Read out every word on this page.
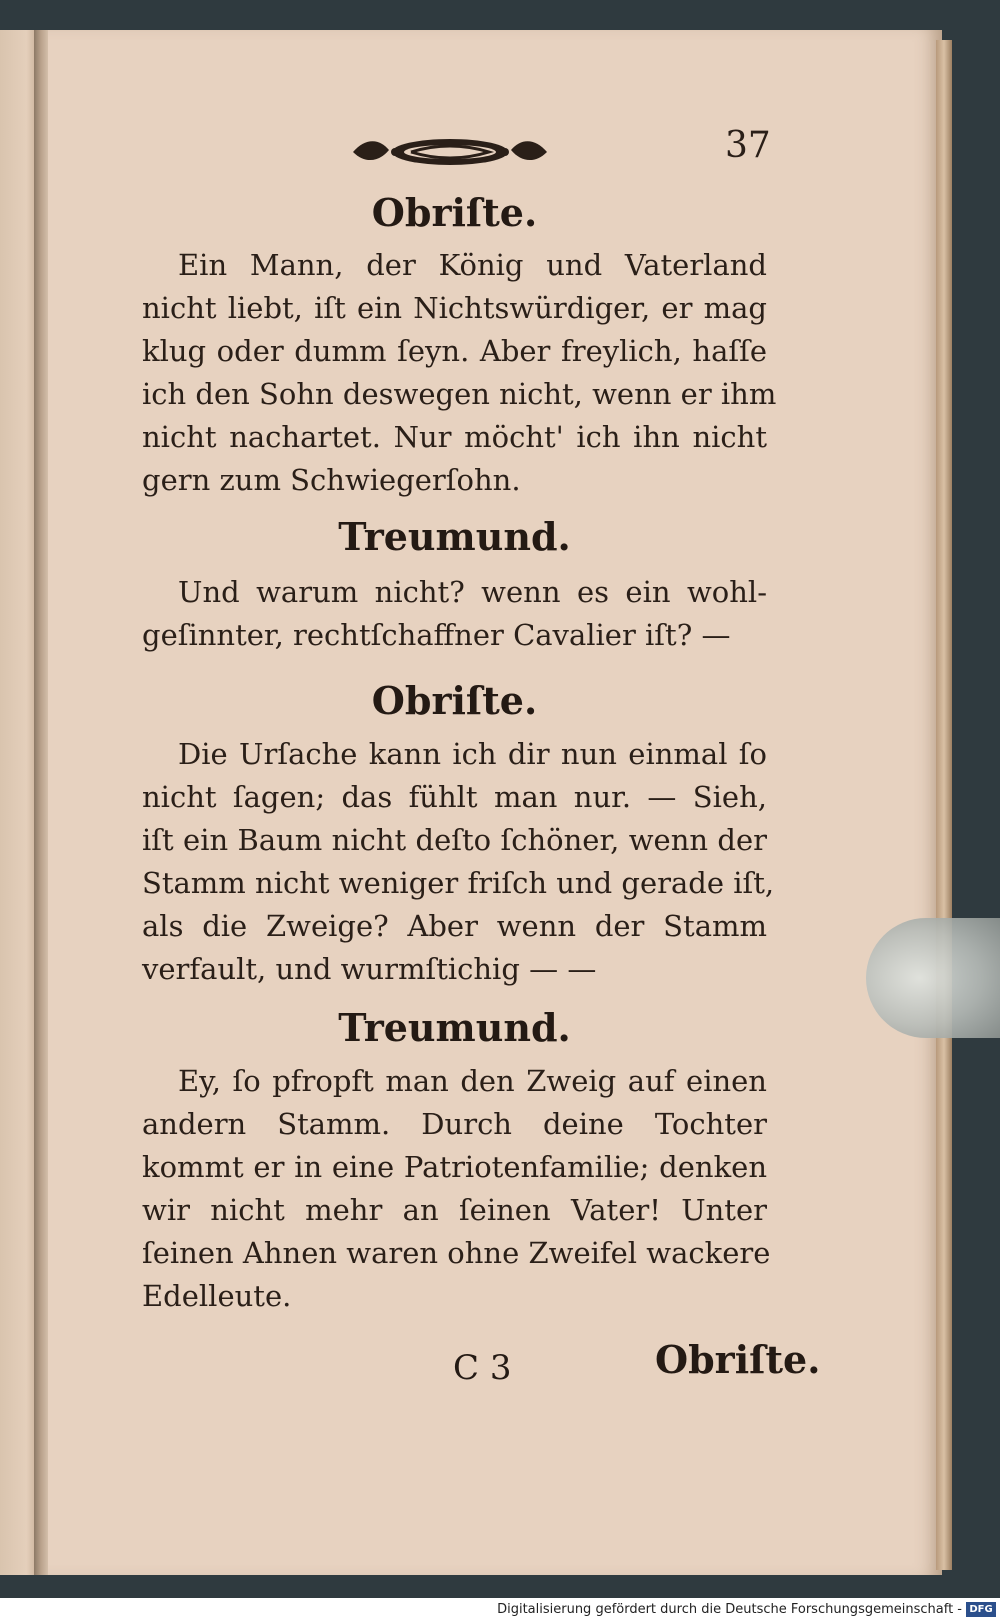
37
Obriſte.
Ein Mann, der König und Vaterland
nicht liebt, iſt ein Nichtswürdiger, er mag
klug oder dumm ſeyn. Aber freylich, haſſe
ich den Sohn deswegen nicht, wenn er ihm
nicht nachartet. Nur möcht' ich ihn nicht
gern zum Schwiegerſohn.
Treumund.
Und warum nicht? wenn es ein wohl-
geſinnter, rechtſchaffner Cavalier iſt? —
Obriſte.
Die Urſache kann ich dir nun einmal ſo
nicht ſagen; das fühlt man nur. — Sieh,
iſt ein Baum nicht deſto ſchöner, wenn der
Stamm nicht weniger friſch und gerade iſt,
als die Zweige? Aber wenn der Stamm
verfault, und wurmſtichig — —
Treumund.
Ey, ſo pfropft man den Zweig auf einen
andern Stamm. Durch deine Tochter
kommt er in eine Patriotenfamilie; denken
wir nicht mehr an ſeinen Vater! Unter
ſeinen Ahnen waren ohne Zweifel wackere
Edelleute.
C 3	Obriſte.
Digitalisierung gefördert durch die Deutsche Forschungsgemeinschaft - DFG
